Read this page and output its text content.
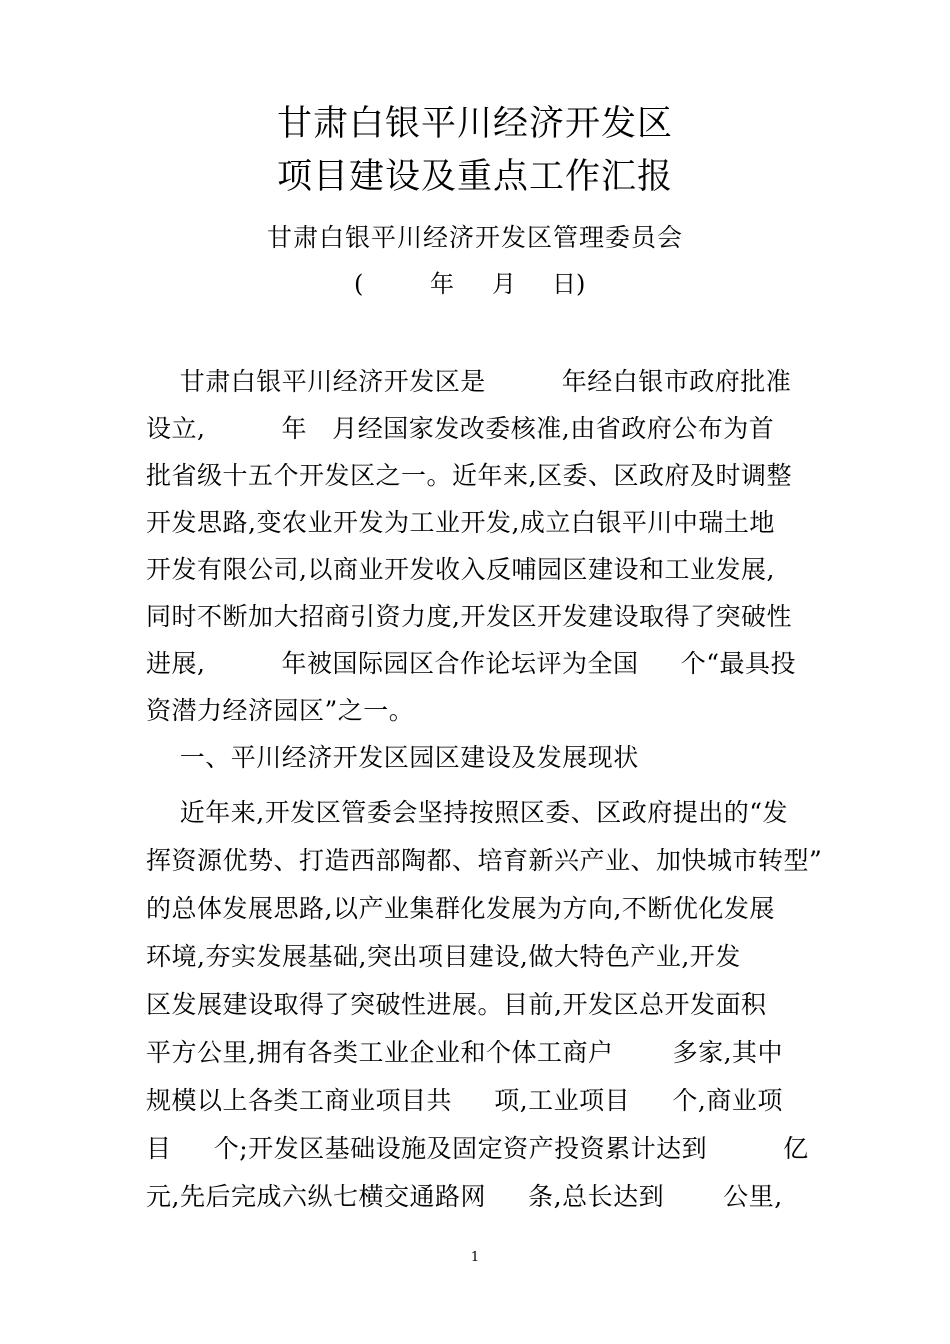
甘肃白银平川经济开发区
项目建设及重点工作汇报
甘肃白银平川经济开发区管理委员会
(	年 月 日)
甘肃白银平川经济开发区是         年经白银市政府批准
设立,         年   月经国家发改委核准,由省政府公布为首
批省级十五个开发区之一。近年来,区委、区政府及时调整
开发思路,变农业开发为工业开发,成立白银平川中瑞土地
开发有限公司,以商业开发收入反哺园区建设和工业发展,
同时不断加大招商引资力度,开发区开发建设取得了突破性
进展,         年被国际园区合作论坛评为全国     个“最具投
资潜力经济园区”之一。
一、平川经济开发区园区建设及发展现状
近年来,开发区管委会坚持按照区委、区政府提出的“发
挥资源优势、打造西部陶都、培育新兴产业、加快城市转型”
的总体发展思路,以产业集群化发展为方向,不断优化发展
环境,夯实发展基础,突出项目建设,做大特色产业,开发
区发展建设取得了突破性进展。目前,开发区总开发面积
平方公里,拥有各类工业企业和个体工商户       多家,其中
规模以上各类工商业项目共     项,工业项目     个,商业项
目     个;开发区基础设施及固定资产投资累计达到         亿
元,先后完成六纵七横交通路网     条,总长达到       公里,
1
